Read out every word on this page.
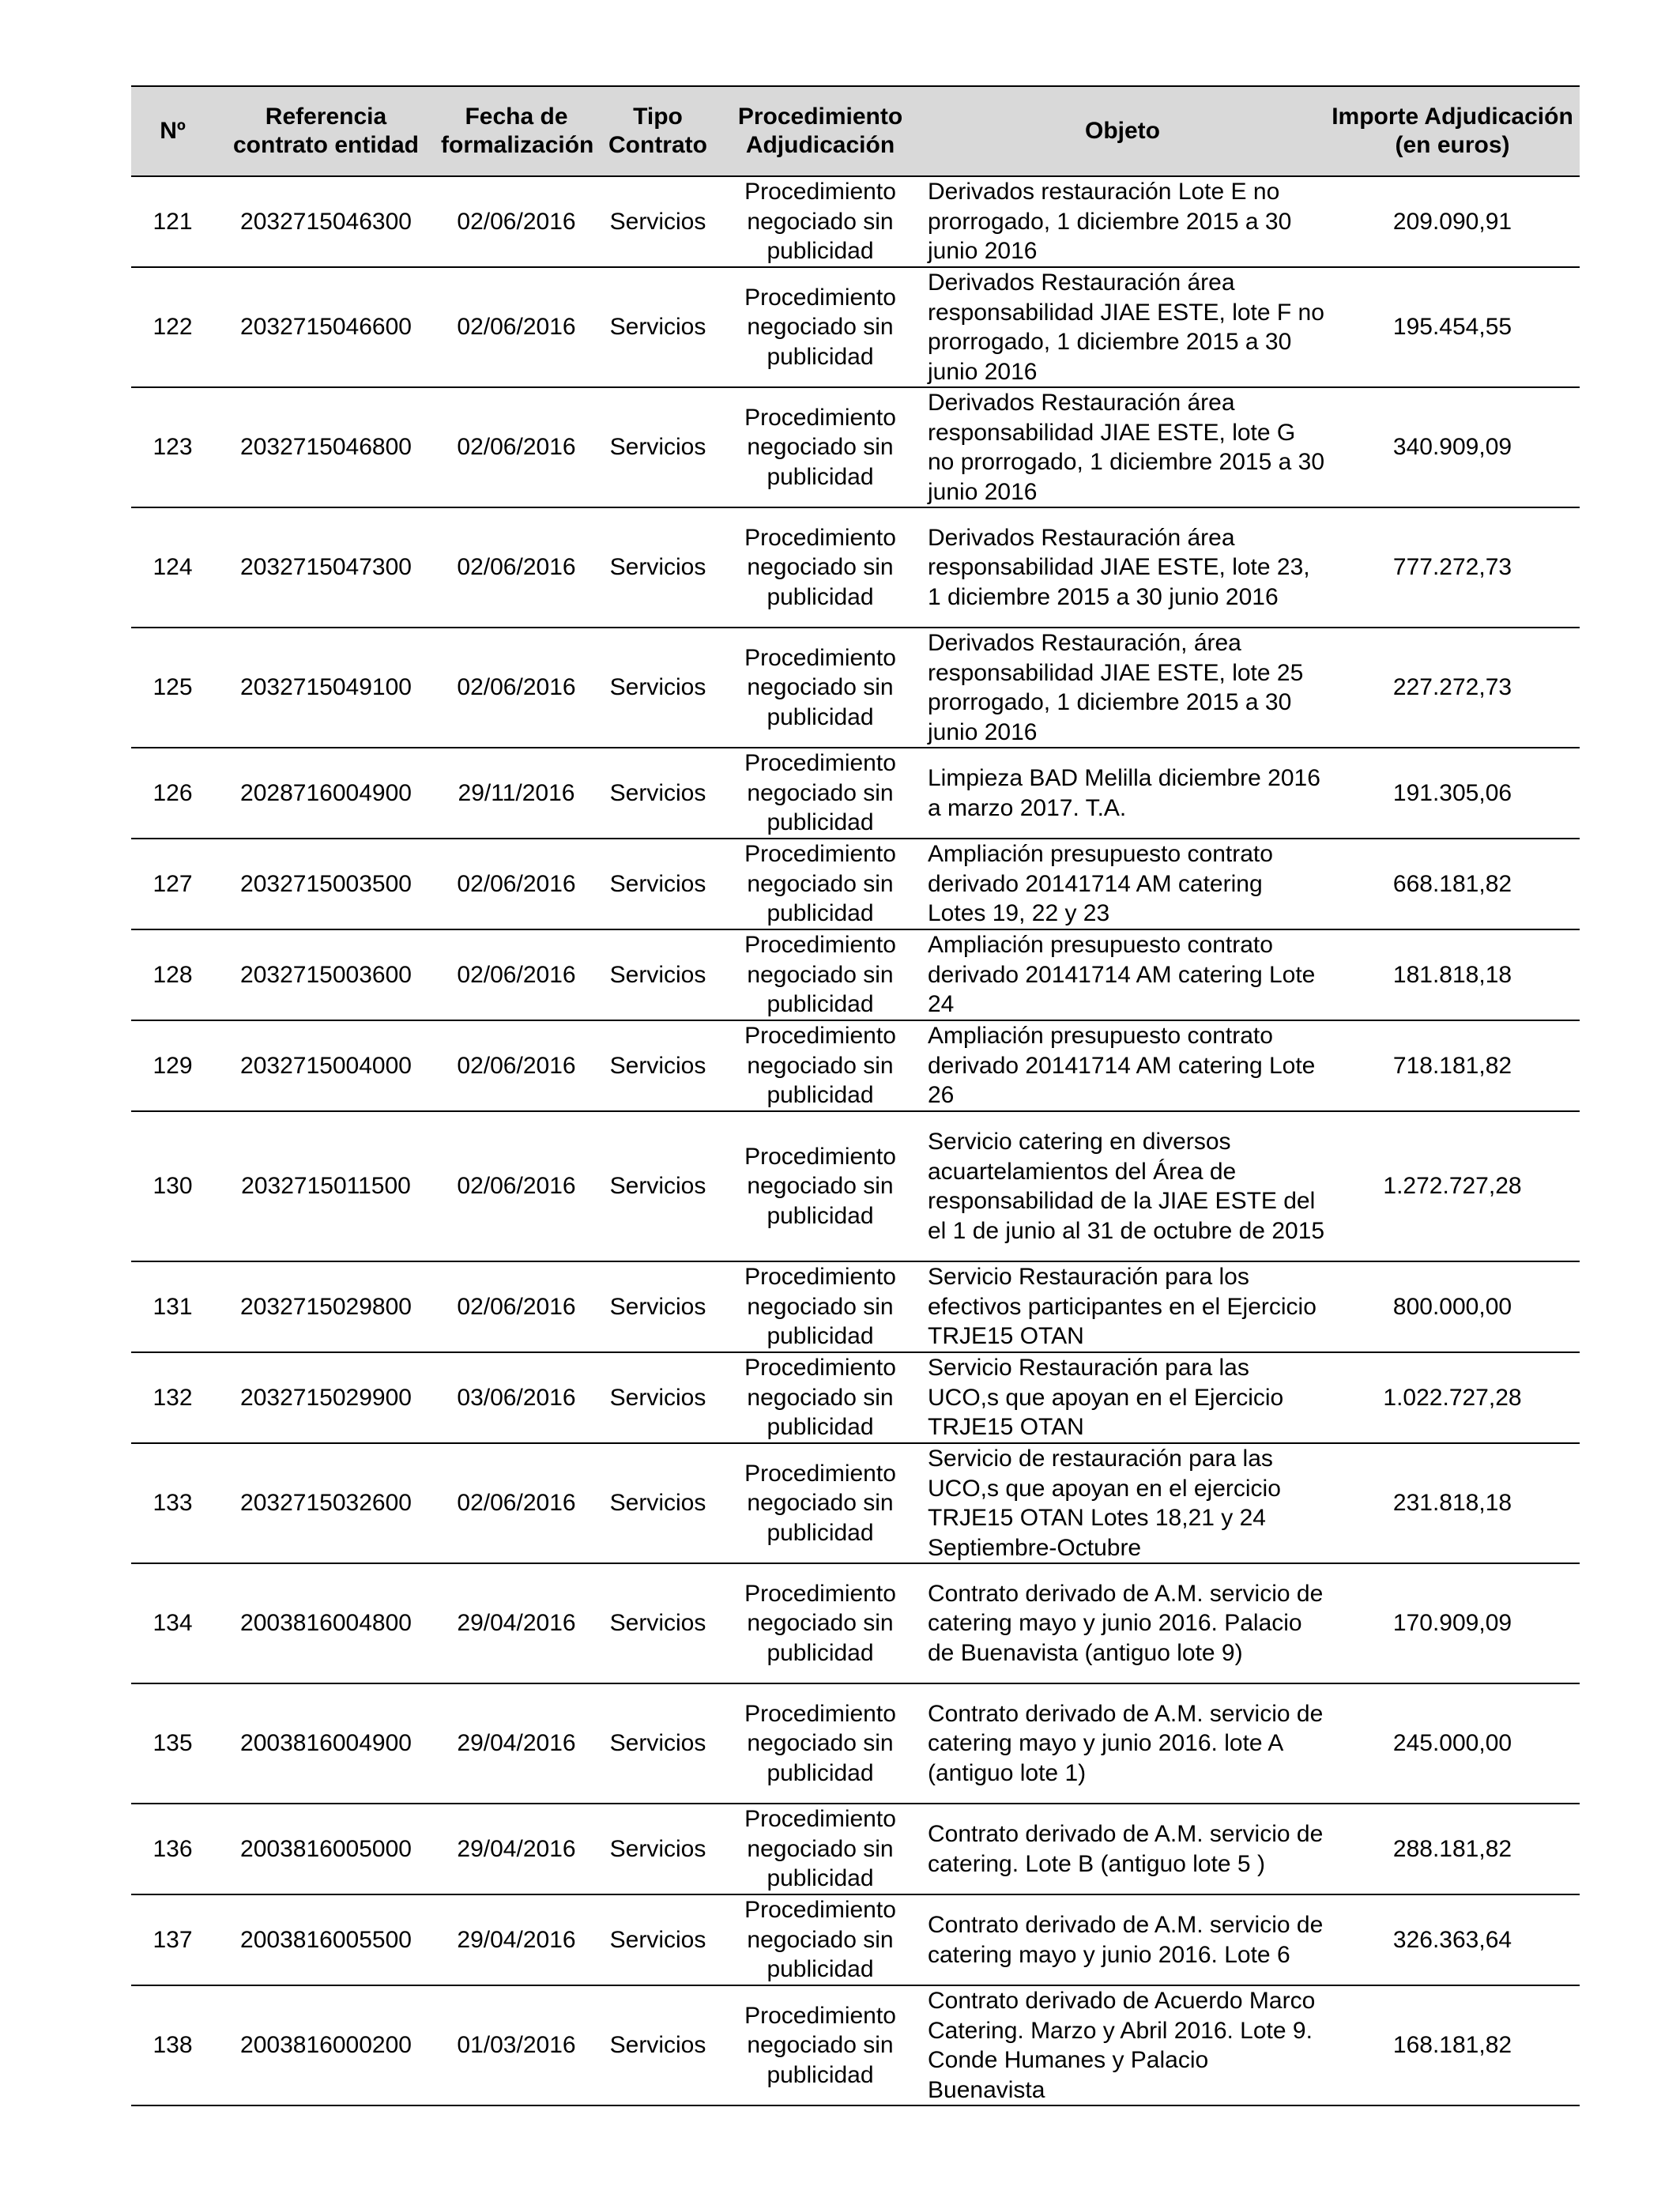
Nº	Referencia contrato entidad	Fecha de formalización	Tipo Contrato	Procedimiento Adjudicación	Objeto	Importe Adjudicación (en euros)
121	2032715046300	02/06/2016	Servicios	Procedimiento negociado sin publicidad	Derivados restauración Lote E no prorrogado, 1 diciembre 2015 a 30 junio 2016	209.090,91
122	2032715046600	02/06/2016	Servicios	Procedimiento negociado sin publicidad	Derivados Restauración área responsabilidad JIAE ESTE, lote F no prorrogado, 1 diciembre 2015 a 30 junio 2016	195.454,55
123	2032715046800	02/06/2016	Servicios	Procedimiento negociado sin publicidad	Derivados Restauración área responsabilidad JIAE ESTE, lote G no prorrogado, 1 diciembre 2015 a 30 junio 2016	340.909,09
124	2032715047300	02/06/2016	Servicios	Procedimiento negociado sin publicidad	Derivados Restauración área responsabilidad JIAE ESTE, lote 23, 1 diciembre 2015 a 30 junio 2016	777.272,73
125	2032715049100	02/06/2016	Servicios	Procedimiento negociado sin publicidad	Derivados Restauración, área responsabilidad JIAE ESTE, lote 25 prorrogado, 1 diciembre 2015 a 30 junio 2016	227.272,73
126	2028716004900	29/11/2016	Servicios	Procedimiento negociado sin publicidad	Limpieza BAD Melilla diciembre 2016 a marzo 2017. T.A.	191.305,06
127	2032715003500	02/06/2016	Servicios	Procedimiento negociado sin publicidad	Ampliación presupuesto contrato derivado 20141714 AM catering Lotes 19, 22 y 23	668.181,82
128	2032715003600	02/06/2016	Servicios	Procedimiento negociado sin publicidad	Ampliación presupuesto contrato derivado 20141714 AM catering Lote 24	181.818,18
129	2032715004000	02/06/2016	Servicios	Procedimiento negociado sin publicidad	Ampliación presupuesto contrato derivado 20141714 AM catering Lote 26	718.181,82
130	2032715011500	02/06/2016	Servicios	Procedimiento negociado sin publicidad	Servicio catering en diversos acuartelamientos del Área de responsabilidad de la JIAE ESTE del el 1 de junio al 31 de octubre de 2015	1.272.727,28
131	2032715029800	02/06/2016	Servicios	Procedimiento negociado sin publicidad	Servicio Restauración para los efectivos participantes en el Ejercicio TRJE15 OTAN	800.000,00
132	2032715029900	03/06/2016	Servicios	Procedimiento negociado sin publicidad	Servicio Restauración para las UCO,s que apoyan en el Ejercicio TRJE15 OTAN	1.022.727,28
133	2032715032600	02/06/2016	Servicios	Procedimiento negociado sin publicidad	Servicio de restauración para las UCO,s que apoyan en el ejercicio TRJE15 OTAN Lotes 18,21 y 24 Septiembre-Octubre	231.818,18
134	2003816004800	29/04/2016	Servicios	Procedimiento negociado sin publicidad	Contrato derivado de A.M. servicio de catering mayo y junio 2016. Palacio de Buenavista (antiguo lote 9)	170.909,09
135	2003816004900	29/04/2016	Servicios	Procedimiento negociado sin publicidad	Contrato derivado de A.M. servicio de catering mayo y junio 2016. lote A (antiguo lote 1)	245.000,00
136	2003816005000	29/04/2016	Servicios	Procedimiento negociado sin publicidad	Contrato derivado de A.M. servicio de catering. Lote B (antiguo lote 5 )	288.181,82
137	2003816005500	29/04/2016	Servicios	Procedimiento negociado sin publicidad	Contrato derivado de A.M. servicio de catering mayo y junio 2016. Lote 6	326.363,64
138	2003816000200	01/03/2016	Servicios	Procedimiento negociado sin publicidad	Contrato derivado de Acuerdo Marco Catering. Marzo y Abril 2016. Lote 9. Conde Humanes y Palacio Buenavista	168.181,82
